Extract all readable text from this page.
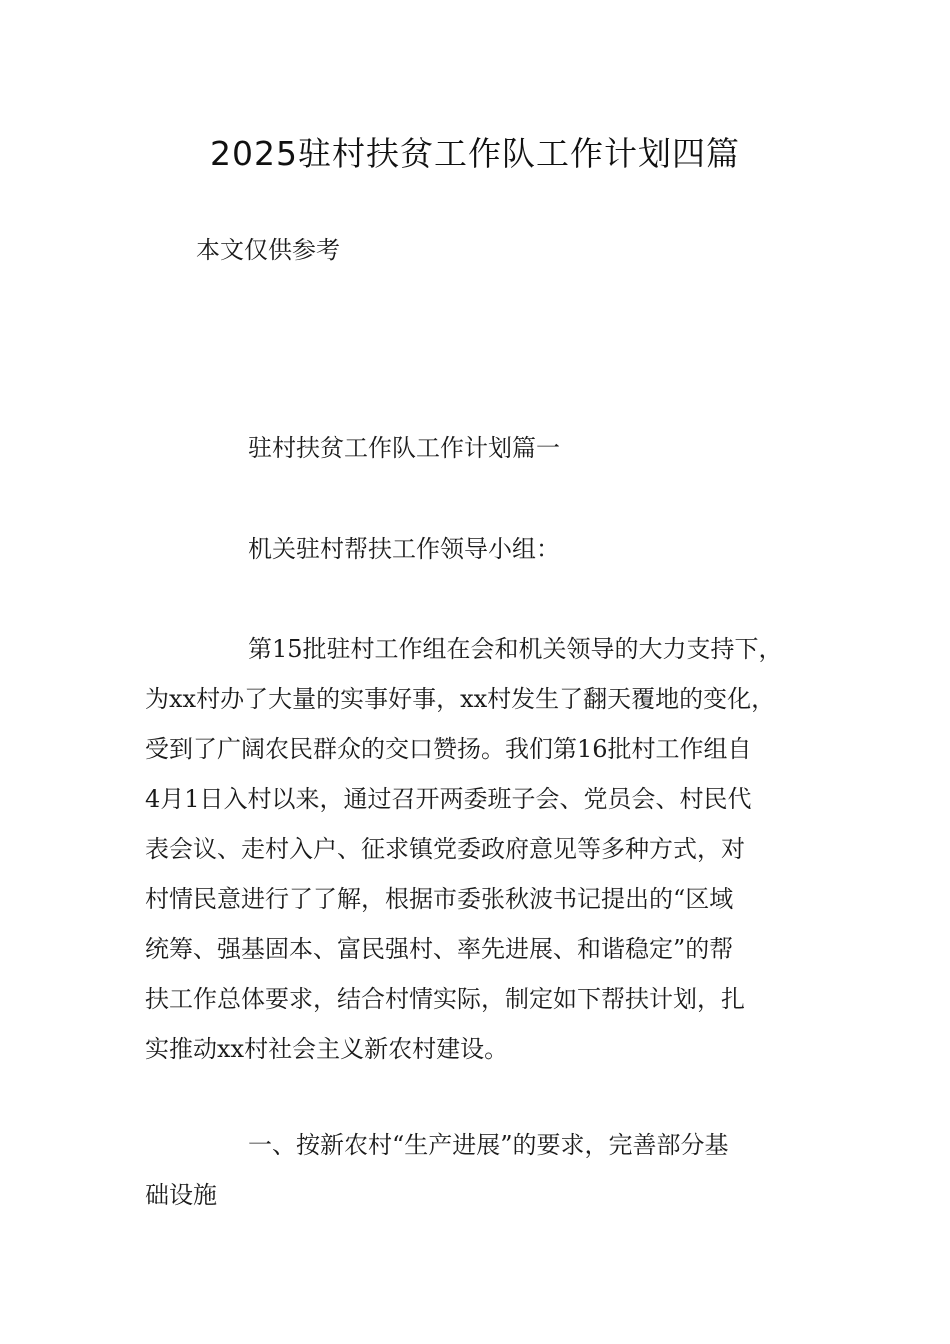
2025驻村扶贫工作队工作计划四篇

本文仅供参考

驻村扶贫工作队工作计划篇一
机关驻村帮扶工作领导小组：
第15批驻村工作组在会和机关领导的大力支持下，
为xx村办了大量的实事好事，xx村发生了翻天覆地的变化，
受到了广阔农民群众的交口赞扬。我们第16批村工作组自
4月1日入村以来，通过召开两委班子会、党员会、村民代
表会议、走村入户、征求镇党委政府意见等多种方式，对
村情民意进行了了解，根据市委张秋波书记提出的“区域
统筹、强基固本、富民强村、率先进展、和谐稳定”的帮
扶工作总体要求，结合村情实际，制定如下帮扶计划，扎
实推动xx村社会主义新农村建设。
一、按新农村“生产进展”的要求，完善部分基
础设施
